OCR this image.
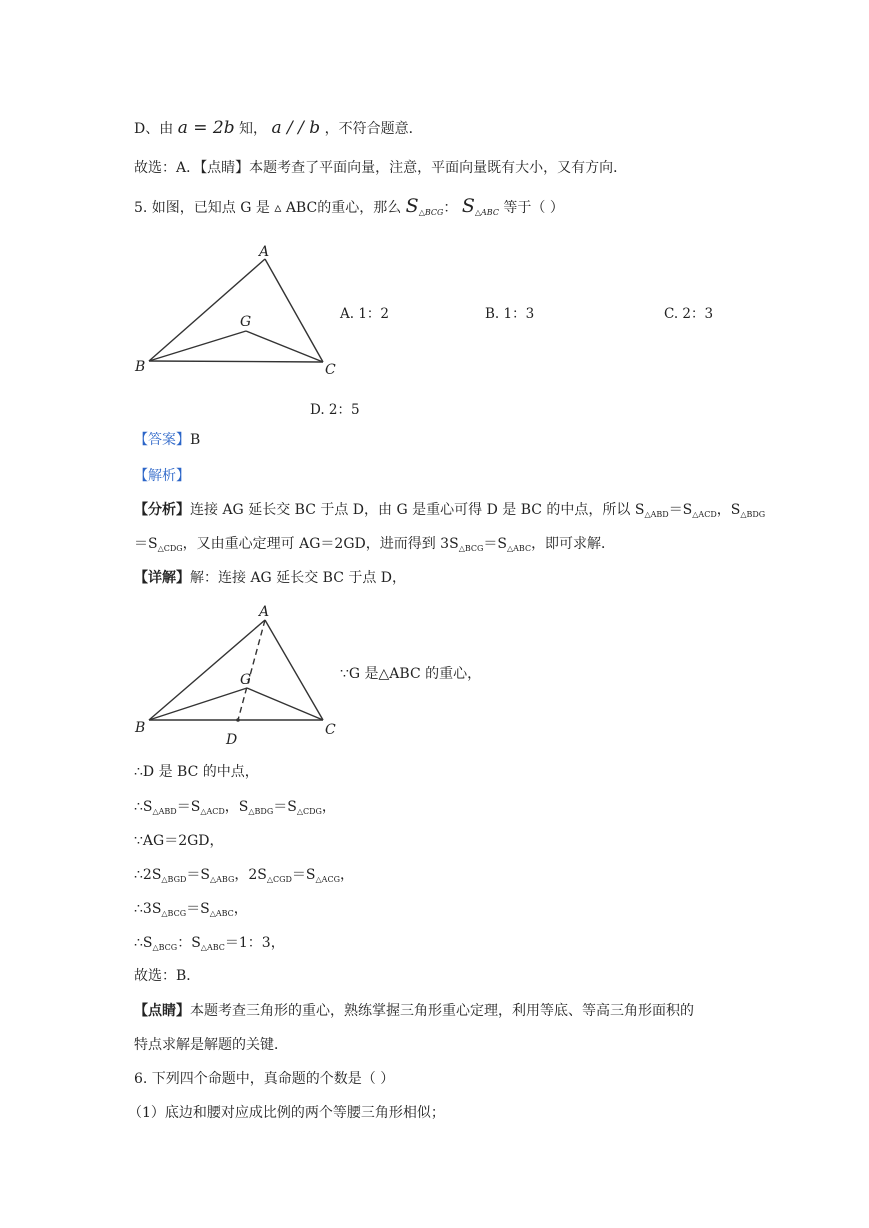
D、由 a = 2b 知， a / / b ，不符合题意．
故选：A．【点睛】本题考查了平面向量，注意，平面向量既有大小，又有方向．
5. 如图，已知点 G 是 ▵ ABC的重心，那么 $S_{\triangle BCG}$： $S_{\triangle ABC}$ 等于（ ）
A
B	C
G	A. 1：2	B. 1：3	C. 2：3
D. 2：5
【答案】B
【解析】
【分析】连接 AG 延长交 BC 于点 D，由 G 是重心可得 D 是 BC 的中点，所以 $S_{\triangle ABD}=S_{\triangle ACD}$，$S_{\triangle BDG}$
$=S_{\triangle CDG}$，又由重心定理可 AG＝2GD，进而得到 $3S_{\triangle BCG}=S_{\triangle ABC}$，即可求解．
【详解】解：连接 AG 延长交 BC 于点 D，
A
B	C
G
D
∵G 是△ABC 的重心，
∴D 是 BC 的中点，
$\therefore S_{\triangle ABD}=S_{\triangle ACD}$，$S_{\triangle BDG}=S_{\triangle CDG}$，
∵AG＝2GD，
$\therefore 2S_{\triangle BGD}=S_{\triangle ABG}$，$2S_{\triangle CGD}=S_{\triangle ACG}$，
$\therefore 3S_{\triangle BCG}=S_{\triangle ABC}$，
$\therefore S_{\triangle BCG}$：$S_{\triangle ABC}=1$：3，
故选：B．
【点睛】本题考查三角形的重心，熟练掌握三角形重心定理，利用等底、等高三角形面积的
特点求解是解题的关键．
6. 下列四个命题中，真命题的个数是（ ）
（1）底边和腰对应成比例的两个等腰三角形相似；
